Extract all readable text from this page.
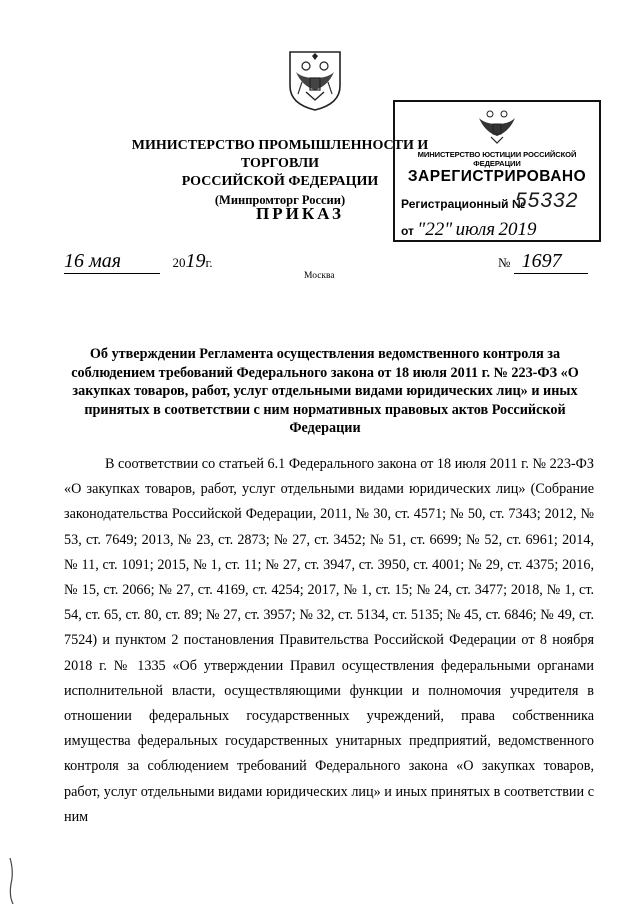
МИНИСТЕРСТВО ПРОМЫШЛЕННОСТИ И ТОРГОВЛИ
РОССИЙСКОЙ ФЕДЕРАЦИИ
(Минпромторг России)
ПРИКАЗ
МИНИСТЕРСТВО ЮСТИЦИИ РОССИЙСКОЙ ФЕДЕРАЦИИ
ЗАРЕГИСТРИРОВАНО
Регистрационный №
55332
от "22" июля 2019
16 мая	2019г.	№ 1697
Москва
Об утверждении Регламента осуществления ведомственного контроля за соблюдением требований Федерального закона от 18 июля 2011 г. № 223-ФЗ «О закупках товаров, работ, услуг отдельными видами юридических лиц» и иных принятых в соответствии с ним нормативных правовых актов Российской Федерации
В соответствии со статьей 6.1 Федерального закона от 18 июля 2011 г. № 223-ФЗ «О закупках товаров, работ, услуг отдельными видами юридических лиц» (Собрание законодательства Российской Федерации, 2011, № 30, ст. 4571; № 50, ст. 7343; 2012, № 53, ст. 7649; 2013, № 23, ст. 2873; № 27, ст. 3452; № 51, ст. 6699; № 52, ст. 6961; 2014, № 11, ст. 1091; 2015, № 1, ст. 11; № 27, ст. 3947, ст. 3950, ст. 4001; № 29, ст. 4375; 2016, № 15, ст. 2066; № 27, ст. 4169, ст. 4254; 2017, № 1, ст. 15; № 24, ст. 3477; 2018, № 1, ст. 54, ст. 65, ст. 80, ст. 89; № 27, ст. 3957; № 32, ст. 5134, ст. 5135; № 45, ст. 6846; № 49, ст. 7524) и пунктом 2 постановления Правительства Российской Федерации от 8 ноября 2018 г. № 1335 «Об утверждении Правил осуществления федеральными органами исполнительной власти, осуществляющими функции и полномочия учредителя в отношении федеральных государственных учреждений, права собственника имущества федеральных государственных унитарных предприятий, ведомственного контроля за соблюдением требований Федерального закона «О закупках товаров, работ, услуг отдельными видами юридических лиц» и иных принятых в соответствии с ним
